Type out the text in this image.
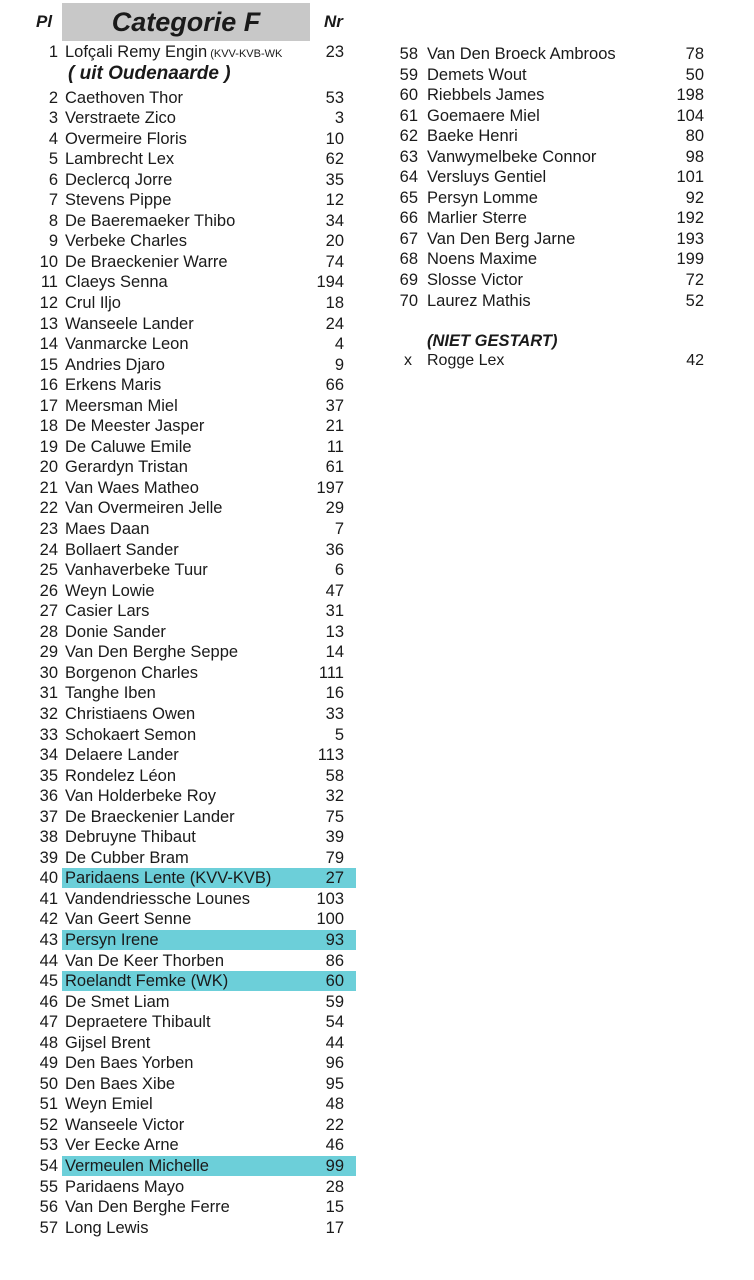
Pl	Categorie F	Nr
1 Lofçali Remy Engin (KVV-KVB-WK	23
2 Caethoven Thor	53
3 Verstraete Zico	3
4 Overmeire Floris	10
5 Lambrecht Lex	62
6 Declercq Jorre	35
7 Stevens Pippe	12
8 De Baeremaeker Thibo	34
9 Verbeke Charles	20
10 De Braeckenier Warre	74
11 Claeys Senna	194
12 Crul Iljo	18
13 Wanseele Lander	24
14 Vanmarcke Leon	4
15 Andries Djaro	9
16 Erkens Maris	66
17 Meersman Miel	37
18 De Meester Jasper	21
19 De Caluwe Emile	11
20 Gerardyn Tristan	61
21 Van Waes Matheo	197
22 Van Overmeiren Jelle	29
23 Maes Daan	7
24 Bollaert Sander	36
25 Vanhaverbeke Tuur	6
26 Weyn Lowie	47
27 Casier Lars	31
28 Donie Sander	13
29 Van Den Berghe Seppe	14
30 Borgenon Charles	111
31 Tanghe Iben	16
32 Christiaens Owen	33
33 Schokaert Semon	5
34 Delaere Lander	113
35 Rondelez Léon	58
36 Van Holderbeke Roy	32
37 De Braeckenier Lander	75
38 Debruyne Thibaut	39
39 De Cubber Bram	79
40 Paridaens Lente (KVV-KVB)	27
41 Vandendriessche Lounes	103
42 Van Geert Senne	100
43 Persyn Irene	93
44 Van De Keer Thorben	86
45 Roelandt Femke (WK)	60
46 De Smet Liam	59
47 Depraetere Thibault	54
48 Gijsel Brent	44
49 Den Baes Yorben	96
50 Den Baes Xibe	95
51 Weyn Emiel	48
52 Wanseele Victor	22
53 Ver Eecke Arne	46
54 Vermeulen Michelle	99
55 Paridaens Mayo	28
56 Van Den Berghe Ferre	15
57 Long Lewis	17
( uit Oudenaarde )
58 Van Den Broeck Ambroos	78
59 Demets Wout	50
60 Riebbels James	198
61 Goemaere Miel	104
62 Baeke Henri	80
63 Vanwymelbeke Connor	98
64 Versluys Gentiel	101
65 Persyn Lomme	92
66 Marlier Sterre	192
67 Van Den Berg Jarne	193
68 Noens Maxime	199
69 Slosse Victor	72
70 Laurez Mathis	52
(NIET GESTART)
x Rogge Lex	42
